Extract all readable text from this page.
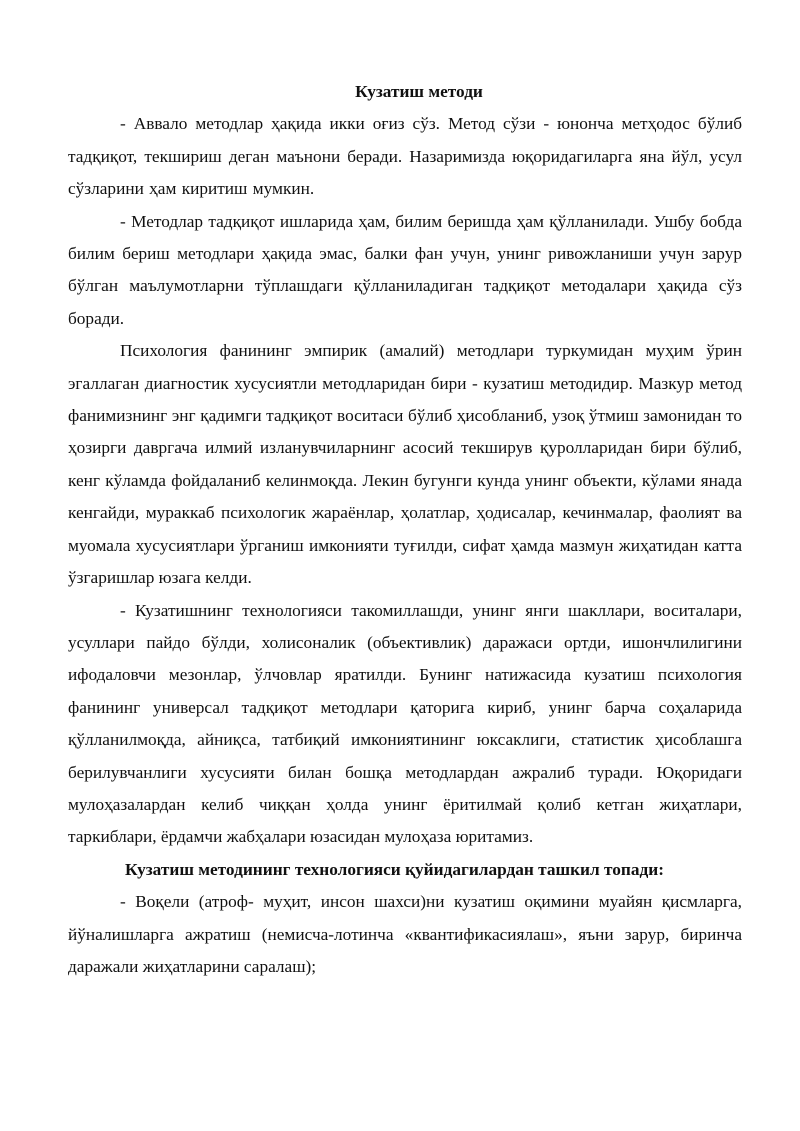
Кузатиш методи

- Аввало методлар ҳақида икки оғиз сўз. Метод сўзи - юнонча метҳодос бўлиб тадқиқот, текшириш деган маънони беради. Назаримизда юқоридагиларга яна йўл, усул сўзларини ҳам киритиш мумкин.

- Методлар тадқиқот ишларида ҳам, билим беришда ҳам қўлланилади. Ушбу бобда билим бериш методлари ҳақида эмас, балки фан учун, унинг ривожланиши учун зарур бўлган маълумотларни тўплашдаги қўлланиладиган тадқиқот методалари ҳақида сўз боради.

Психология фанининг эмпирик (амалий) методлари туркумидан муҳим ўрин эгаллаган диагностик хусусиятли методларидан бири - кузатиш методидир. Мазкур метод фанимизнинг энг қадимги тадқиқот воситаси бўлиб ҳисобланиб, узоқ ўтмиш замонидан то ҳозирги давргача илмий изланувчиларнинг асосий текширув қуролларидан бири бўлиб, кенг кўламда фойдаланиб келинмоқда. Лекин бугунги кунда унинг объекти, кўлами янада кенгайди, мураккаб психологик жараёнлар, ҳолатлар, ҳодисалар, кечинмалар, фаолият ва муомала хусусиятлари ўрганиш имконияти туғилди, сифат ҳамда мазмун жиҳатидан катта ўзгаришлар юзага келди.

- Кузатишнинг технологияси такомиллашди, унинг янги шакллари, воситалари, усуллари пайдо бўлди, холисоналик (объективлик) даражаси ортди, ишончлилигини ифодаловчи мезонлар, ўлчовлар яратилди. Бунинг натижасида кузатиш психология фанининг универсал тадқиқот методлари қаторига кириб, унинг барча соҳаларида қўлланилмоқда, айниқса, татбиқий имкониятининг юксаклиги, статистик ҳисоблашга берилувчанлиги хусусияти билан бошқа методлардан ажралиб туради. Юқоридаги мулоҳазалардан келиб чиққан ҳолда унинг ёритилмай қолиб кетган жиҳатлари, таркиблари, ёрдамчи жабҳалари юзасидан мулоҳаза юритамиз.

Кузатиш методининг технологияси қуйидагилардан ташкил топади:

- Воқели (атроф- муҳит, инсон шахси)ни кузатиш оқимини муайян қисмларга, йўналишларга ажратиш (немисча-лотинча «квантификасиялаш», яъни зарур, биринча даражали жиҳатларини саралаш);
